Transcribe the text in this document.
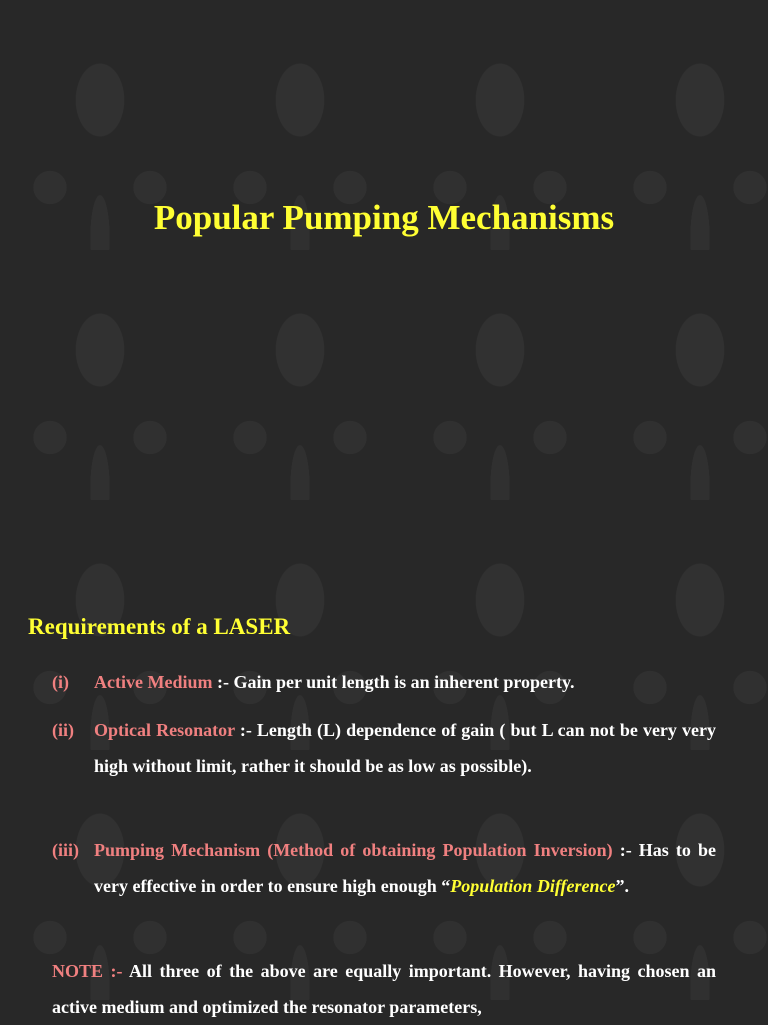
Popular Pumping Mechanisms
Requirements of a LASER
(i) Active Medium :- Gain per unit length is an inherent property.
(ii) Optical Resonator :- Length (L) dependence of gain ( but L can not be very very high without limit, rather it should be as low as possible).
(iii) Pumping Mechanism (Method of obtaining Population Inversion) :- Has to be very effective in order to ensure high enough “Population Difference”.
NOTE :- All three of the above are equally important. However, having chosen an active medium and optimized the resonator parameters,
